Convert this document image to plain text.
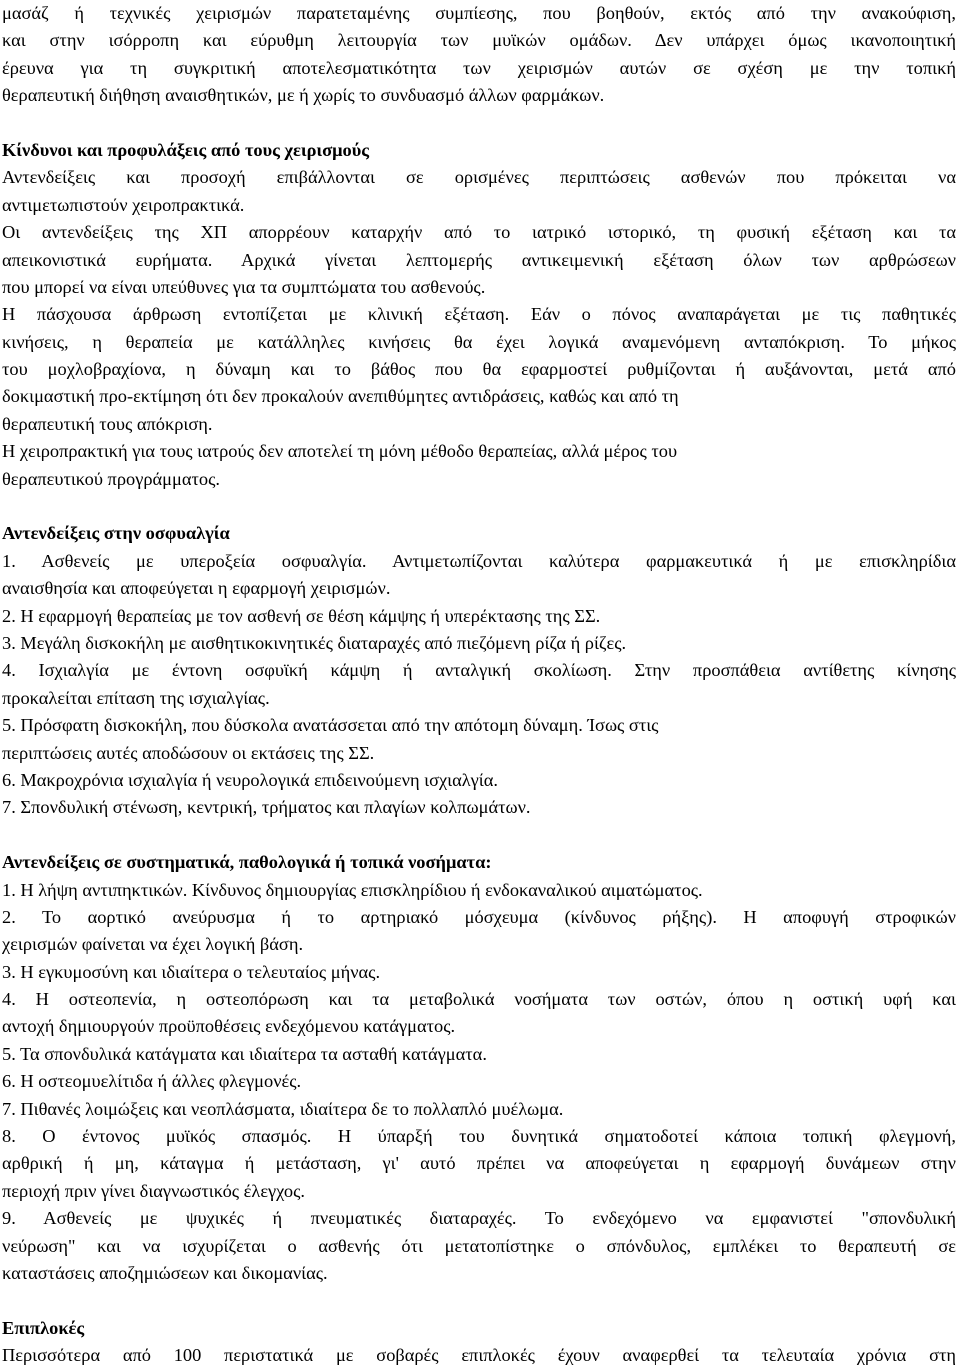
μασάζ ή τεχνικές χειρισμών παρατεταμένης συμπίεσης, που βοηθούν, εκτός από την ανακούφιση,
και στην ισόρροπη και εύρυθμη λειτουργία των μυϊκών ομάδων. Δεν υπάρχει όμως ικανοποιητική
έρευνα για τη συγκριτική αποτελεσματικότητα των χειρισμών αυτών σε σχέση με την τοπική
θεραπευτική διήθηση αναισθητικών, με ή χωρίς το συνδυασμό άλλων φαρμάκων.
Κίνδυνοι και προφυλάξεις από τους χειρισμούς
Αντενδείξεις και προσοχή επιβάλλονται σε ορισμένες περιπτώσεις ασθενών που πρόκειται να
αντιμετωπιστούν χειροπρακτικά.
Οι αντενδείξεις της ΧΠ απορρέουν καταρχήν από το ιατρικό ιστορικό, τη φυσική εξέταση και τα
απεικονιστικά ευρήματα. Αρχικά γίνεται λεπτομερής αντικειμενική εξέταση όλων των αρθρώσεων
που μπορεί να είναι υπεύθυνες για τα συμπτώματα του ασθενούς.
Η πάσχουσα άρθρωση εντοπίζεται με κλινική εξέταση. Εάν ο πόνος αναπαράγεται με τις παθητικές
κινήσεις, η θεραπεία με κατάλληλες κινήσεις θα έχει λογικά αναμενόμενη ανταπόκριση. Το μήκος
του μοχλοβραχίονα, η δύναμη και το βάθος που θα εφαρμοστεί ρυθμίζονται ή αυξάνονται, μετά από
δοκιμαστική προ-εκτίμηση ότι δεν προκαλούν ανεπιθύμητες αντιδράσεις, καθώς και από τη
θεραπευτική τους απόκριση.
Η χειροπρακτική για τους ιατρούς δεν αποτελεί τη μόνη μέθοδο θεραπείας, αλλά μέρος του
θεραπευτικού προγράμματος.
Αντενδείξεις στην οσφυαλγία
1. Ασθενείς με υπεροξεία οσφυαλγία. Αντιμετωπίζονται καλύτερα φαρμακευτικά ή με επισκληρίδια
αναισθησία και αποφεύγεται η εφαρμογή χειρισμών.
2. Η εφαρμογή θεραπείας με τον ασθενή σε θέση κάμψης ή υπερέκτασης της ΣΣ.
3. Μεγάλη δισκοκήλη με αισθητικοκινητικές διαταραχές από πιεζόμενη ρίζα ή ρίζες.
4. Ισχιαλγία με έντονη οσφυϊκή κάμψη ή ανταλγική σκολίωση. Στην προσπάθεια αντίθετης κίνησης
προκαλείται επίταση της ισχιαλγίας.
5. Πρόσφατη δισκοκήλη, που δύσκολα ανατάσσεται από την απότομη δύναμη. Ίσως στις
περιπτώσεις αυτές αποδώσουν οι εκτάσεις της ΣΣ.
6. Μακροχρόνια ισχιαλγία ή νευρολογικά επιδεινούμενη ισχιαλγία.
7. Σπονδυλική στένωση, κεντρική, τρήματος και πλαγίων κολπωμάτων.
Αντενδείξεις σε συστηματικά, παθολογικά ή τοπικά νοσήματα:
1. Η λήψη αντιπηκτικών. Κίνδυνος δημιουργίας επισκληρίδιου ή ενδοκαναλικού αιματώματος.
2. Το αορτικό ανεύρυσμα ή το αρτηριακό μόσχευμα (κίνδυνος ρήξης). Η αποφυγή στροφικών
χειρισμών φαίνεται να έχει λογική βάση.
3. Η εγκυμοσύνη και ιδιαίτερα ο τελευταίος μήνας.
4. Η οστεοπενία, η οστεοπόρωση και τα μεταβολικά νοσήματα των οστών, όπου η οστική υφή και
αντοχή δημιουργούν προϋποθέσεις ενδεχόμενου κατάγματος.
5. Τα σπονδυλικά κατάγματα και ιδιαίτερα τα ασταθή κατάγματα.
6. Η οστεομυελίτιδα ή άλλες φλεγμονές.
7. Πιθανές λοιμώξεις και νεοπλάσματα, ιδιαίτερα δε το πολλαπλό μυέλωμα.
8. Ο έντονος μυϊκός σπασμός. Η ύπαρξή του δυνητικά σηματοδοτεί κάποια τοπική φλεγμονή,
αρθρική ή μη, κάταγμα ή μετάσταση, γι' αυτό πρέπει να αποφεύγεται η εφαρμογή δυνάμεων στην
περιοχή πριν γίνει διαγνωστικός έλεγχος.
9. Ασθενείς με ψυχικές ή πνευματικές διαταραχές. Το ενδεχόμενο να εμφανιστεί "σπονδυλική
νεύρωση" και να ισχυρίζεται ο ασθενής ότι μετατοπίστηκε ο σπόνδυλος, εμπλέκει το θεραπευτή σε
καταστάσεις αποζημιώσεων και δικομανίας.
Επιπλοκές
Περισσότερα από 100 περιστατικά με σοβαρές επιπλοκές έχουν αναφερθεί τα τελευταία χρόνια στη
